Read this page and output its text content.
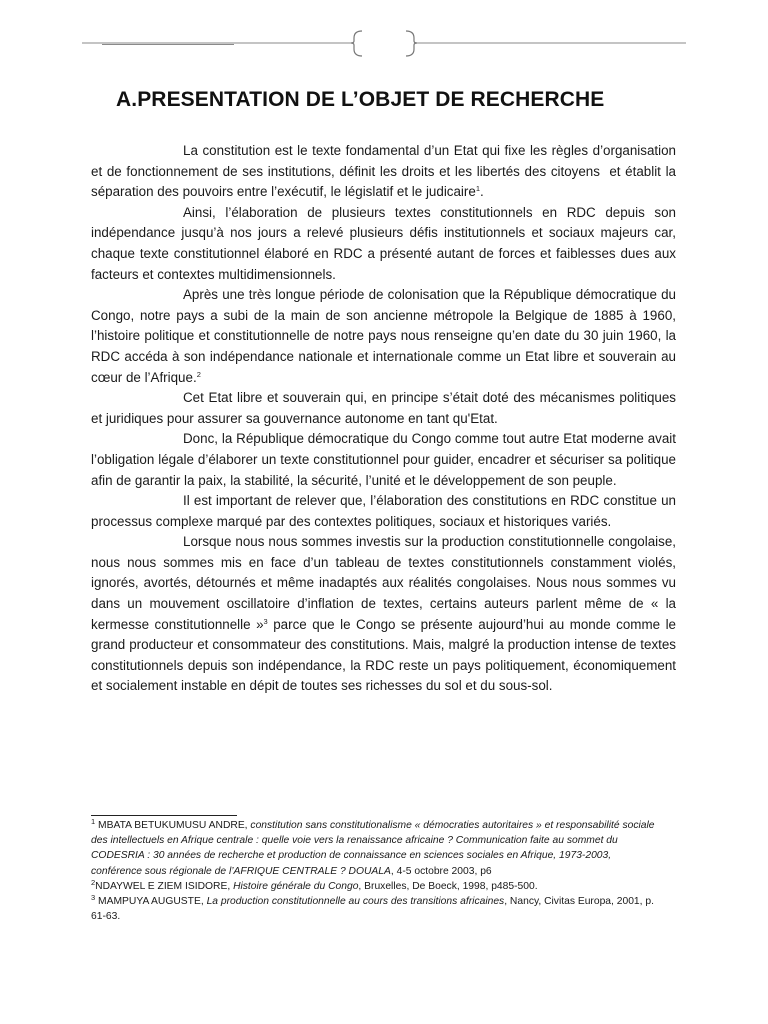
A.PRESENTATION DE L’OBJET DE RECHERCHE

La constitution est le texte fondamental d’un Etat qui fixe les règles d’organisation et de fonctionnement de ses institutions, définit les droits et les libertés des citoyens  et établit la séparation des pouvoirs entre l’exécutif, le législatif et le judicaire$^1$.

Ainsi, l’élaboration de plusieurs textes constitutionnels en RDC depuis son indépendance jusqu’à nos jours a relevé plusieurs défis institutionnels et sociaux majeurs car, chaque texte constitutionnel élaboré en RDC a présenté autant de forces et faiblesses dues aux facteurs et contextes multidimensionnels.

Après une très longue période de colonisation que la République démocratique du Congo, notre pays a subi de la main de son ancienne métropole la Belgique de 1885 à 1960, l’histoire politique et constitutionnelle de notre pays nous renseigne qu’en date du 30 juin 1960, la RDC accéda à son indépendance nationale et internationale comme un Etat libre et souverain au cœur de l’Afrique.$^2$

Cet Etat libre et souverain qui, en principe s’était doté des mécanismes politiques et juridiques pour assurer sa gouvernance autonome en tant qu'Etat.

Donc, la République démocratique du Congo comme tout autre Etat moderne avait l’obligation légale d’élaborer un texte constitutionnel pour guider, encadrer et sécuriser sa politique afin de garantir la paix, la stabilité, la sécurité, l’unité et le développement de son peuple.

Il est important de relever que, l’élaboration des constitutions en RDC constitue un processus complexe marqué par des contextes politiques, sociaux et historiques variés.

Lorsque nous nous sommes investis sur la production constitutionnelle congolaise, nous nous sommes mis en face d’un tableau de textes constitutionnels constamment violés, ignorés, avortés, détournés et même inadaptés aux réalités congolaises. Nous nous sommes vu dans un mouvement oscillatoire d’inflation de textes, certains auteurs parlent même de « la kermesse constitutionnelle »$^3$ parce que le Congo se présente aujourd’hui au monde comme le grand producteur et consommateur des constitutions. Mais, malgré la production intense de textes constitutionnels depuis son indépendance, la RDC reste un pays politiquement, économiquement et socialement instable en dépit de toutes ses richesses du sol et du sous-sol.

$^1$ MBATA BETUKUMUSU ANDRE, constitution sans constitutionalisme « démocraties autoritaires » et responsabilité sociale des intellectuels en Afrique centrale : quelle voie vers la renaissance africaine ? Communication faite au sommet du CODESRIA : 30 années de recherche et production de connaissance en sciences sociales en Afrique, 1973-2003, conférence sous régionale de l’AFRIQUE CENTRALE ? DOUALA, 4-5 octobre 2003, p6

$^2$NDAYWEL E ZIEM ISIDORE, Histoire générale du Congo, Bruxelles, De Boeck, 1998, p485-500.

$^3$ MAMPUYA AUGUSTE, La production constitutionnelle au cours des transitions africaines, Nancy, Civitas Europa, 2001, p. 61-63.
